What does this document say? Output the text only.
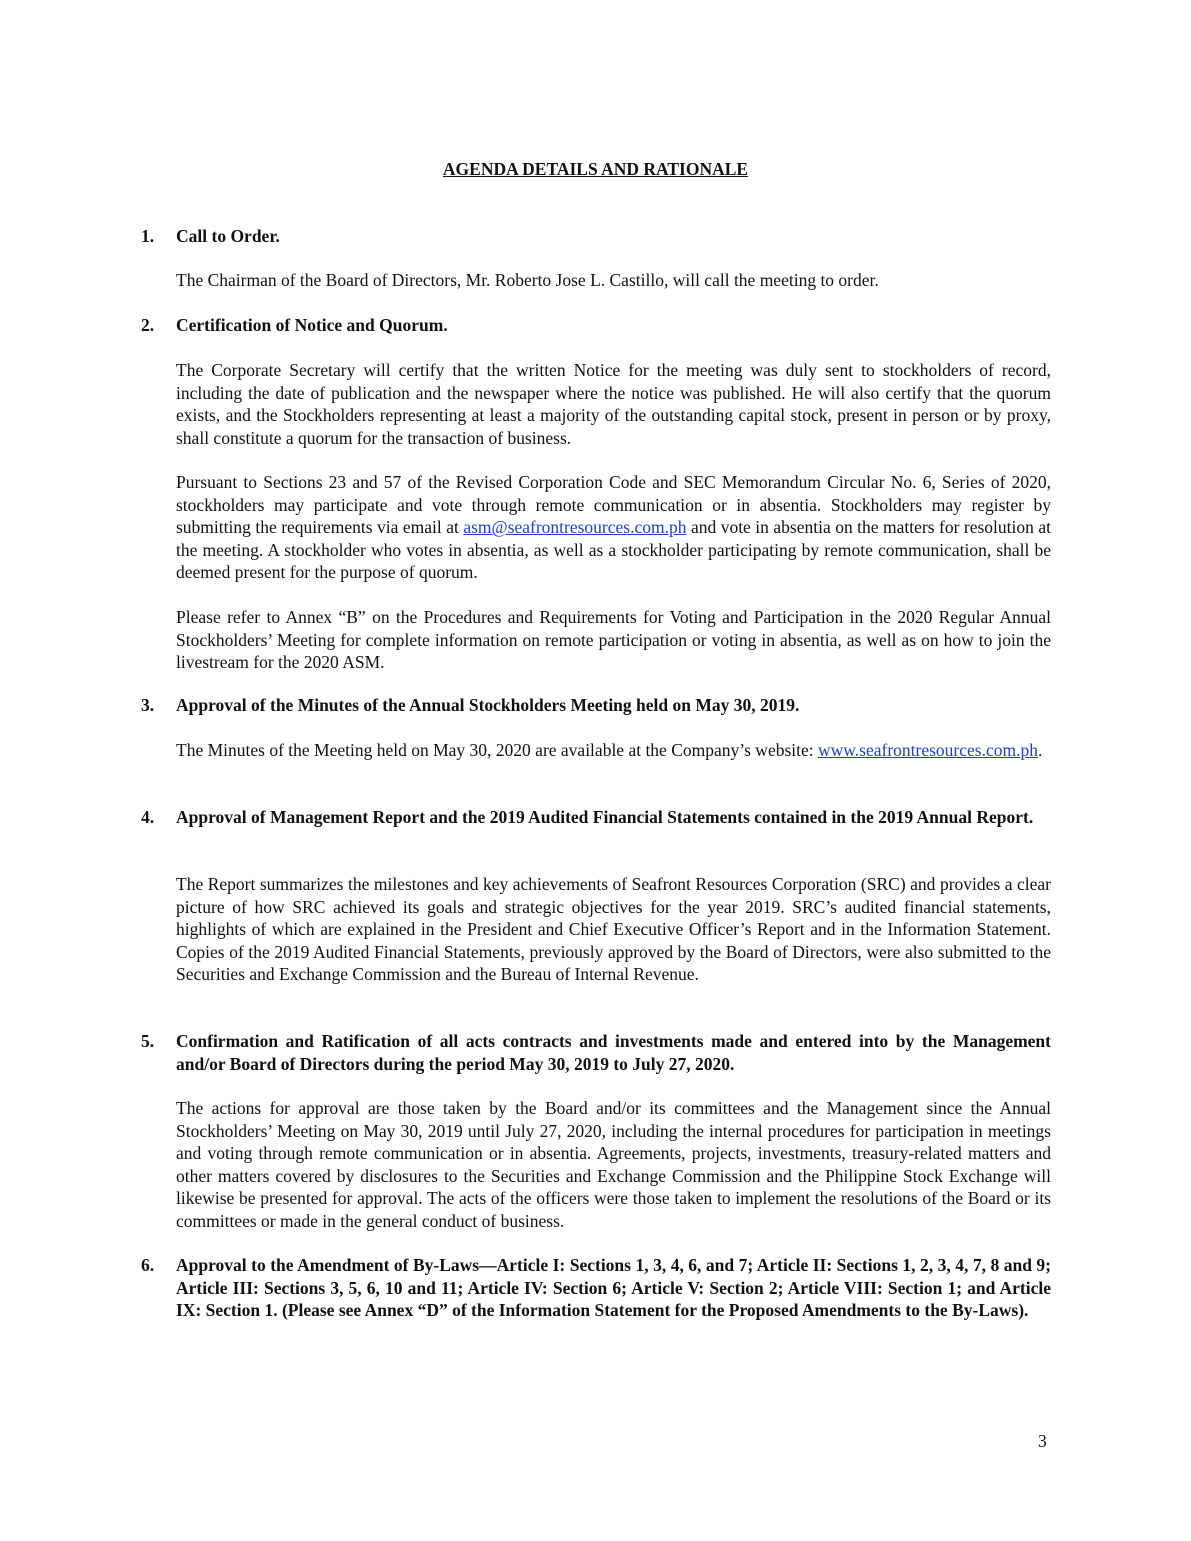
AGENDA DETAILS AND RATIONALE
1. Call to Order.
The Chairman of the Board of Directors, Mr. Roberto Jose L. Castillo, will call the meeting to order.
2. Certification of Notice and Quorum.
The Corporate Secretary will certify that the written Notice for the meeting was duly sent to stockholders of record, including the date of publication and the newspaper where the notice was published. He will also certify that the quorum exists, and the Stockholders representing at least a majority of the outstanding capital stock, present in person or by proxy, shall constitute a quorum for the transaction of business.
Pursuant to Sections 23 and 57 of the Revised Corporation Code and SEC Memorandum Circular No. 6, Series of 2020, stockholders may participate and vote through remote communication or in absentia. Stockholders may register by submitting the requirements via email at asm@seafrontresources.com.ph and vote in absentia on the matters for resolution at the meeting. A stockholder who votes in absentia, as well as a stockholder participating by remote communication, shall be deemed present for the purpose of quorum.
Please refer to Annex “B” on the Procedures and Requirements for Voting and Participation in the 2020 Regular Annual Stockholders’ Meeting for complete information on remote participation or voting in absentia, as well as on how to join the livestream for the 2020 ASM.
3. Approval of the Minutes of the Annual Stockholders Meeting held on May 30, 2019.
The Minutes of the Meeting held on May 30, 2020 are available at the Company’s website: www.seafrontresources.com.ph.
4. Approval of Management Report and the 2019 Audited Financial Statements contained in the 2019 Annual Report.
The Report summarizes the milestones and key achievements of Seafront Resources Corporation (SRC) and provides a clear picture of how SRC achieved its goals and strategic objectives for the year 2019. SRC’s audited financial statements, highlights of which are explained in the President and Chief Executive Officer’s Report and in the Information Statement. Copies of the 2019 Audited Financial Statements, previously approved by the Board of Directors, were also submitted to the Securities and Exchange Commission and the Bureau of Internal Revenue.
5. Confirmation and Ratification of all acts contracts and investments made and entered into by the Management and/or Board of Directors during the period May 30, 2019 to July 27, 2020.
The actions for approval are those taken by the Board and/or its committees and the Management since the Annual Stockholders’ Meeting on May 30, 2019 until July 27, 2020, including the internal procedures for participation in meetings and voting through remote communication or in absentia. Agreements, projects, investments, treasury-related matters and other matters covered by disclosures to the Securities and Exchange Commission and the Philippine Stock Exchange will likewise be presented for approval. The acts of the officers were those taken to implement the resolutions of the Board or its committees or made in the general conduct of business.
6. Approval to the Amendment of By-Laws—Article I: Sections 1, 3, 4, 6, and 7; Article II: Sections 1, 2, 3, 4, 7, 8 and 9; Article III: Sections 3, 5, 6, 10 and 11; Article IV: Section 6; Article V: Section 2; Article VIII: Section 1; and Article IX: Section 1. (Please see Annex “D” of the Information Statement for the Proposed Amendments to the By-Laws).
3
